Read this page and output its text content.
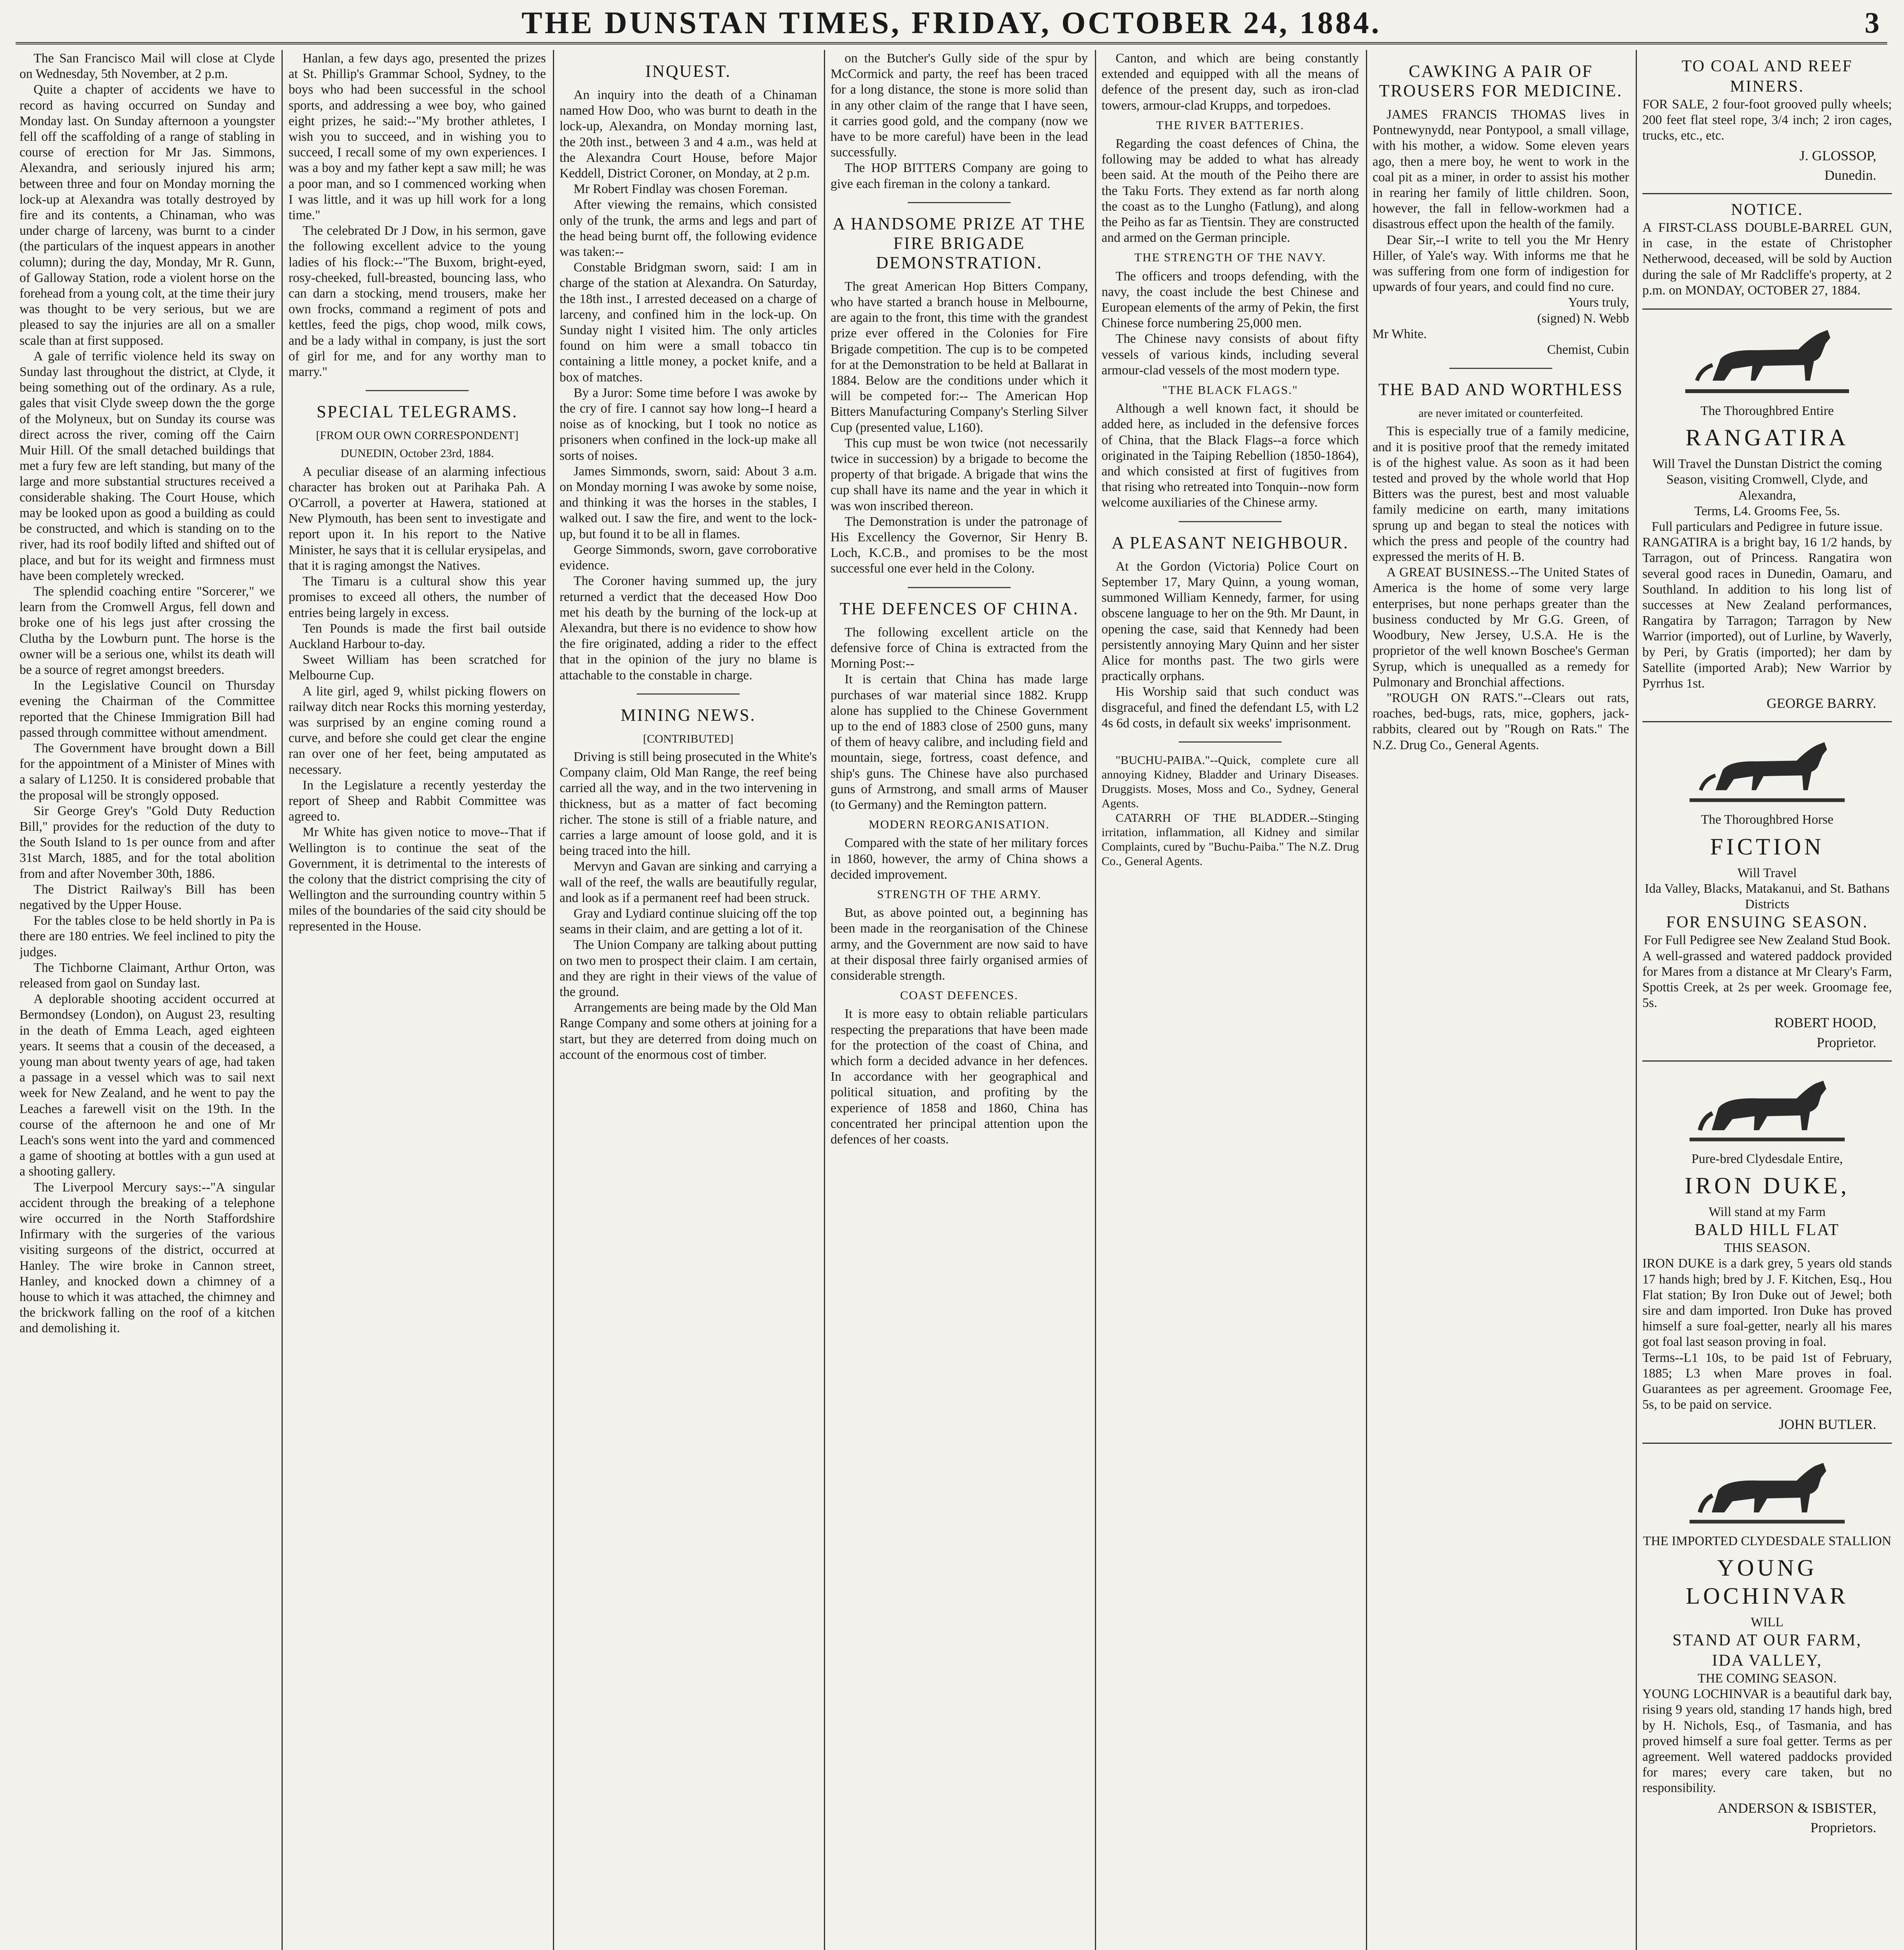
THE DUNSTAN TIMES, FRIDAY, OCTOBER 24, 1884.	3

The San Francisco Mail will close at Clyde on Wednesday, 5th November, at 2 p.m.

Quite a chapter of accidents we have to record as having occurred on Sunday and Monday last. On Sunday afternoon a youngster fell off the scaffolding of a range of stabling in course of erection for Mr Jas. Simmons, Alexandra, and seriously injured his arm; between three and four on Monday morning the lock-up at Alexandra was totally destroyed by fire and its contents, a Chinaman, who was under charge of larceny, was burnt to a cinder (the particulars of the inquest appears in another column); during the day, Monday, Mr R. Gunn, of Galloway Station, rode a violent horse on the forehead from a young colt, at the time their jury was thought to be very serious, but we are pleased to say the injuries are all on a smaller scale than at first supposed.

A gale of terrific violence held its sway on Sunday last throughout the district, at Clyde, it being something out of the ordinary. As a rule, gales that visit Clyde sweep down the the gorge of the Molyneux, but on Sunday its course was direct across the river, coming off the Cairn Muir Hill. Of the small detached buildings that met a fury few are left standing, but many of the large and more substantial structures received a considerable shaking. The Court House, which may be looked upon as good a building as could be constructed, and which is standing on to the river, had its roof bodily lifted and shifted out of place, and but for its weight and firmness must have been completely wrecked.

The splendid coaching entire "Sorcerer," we learn from the Cromwell Argus, fell down and broke one of his legs just after crossing the Clutha by the Lowburn punt. The horse is the owner will be a serious one, whilst its death will be a source of regret amongst breeders.

In the Legislative Council on Thursday evening the Chairman of the Committee reported that the Chinese Immigration Bill had passed through committee without amendment.

The Government have brought down a Bill for the appointment of a Minister of Mines with a salary of L1250. It is considered probable that the proposal will be strongly opposed.

Sir George Grey's "Gold Duty Reduction Bill," provides for the reduction of the duty to the South Island to 1s per ounce from and after 31st March, 1885, and for the total abolition from and after November 30th, 1886.

The District Railway's Bill has been negatived by the Upper House.

For the tables close to be held shortly in Pa is there are 180 entries. We feel inclined to pity the judges.

The Tichborne Claimant, Arthur Orton, was released from gaol on Sunday last.

A deplorable shooting accident occurred at Bermondsey (London), on August 23, resulting in the death of Emma Leach, aged eighteen years. It seems that a cousin of the deceased, a young man about twenty years of age, had taken a passage in a vessel which was to sail next week for New Zealand, and he went to pay the Leaches a farewell visit on the 19th. In the course of the afternoon he and one of Mr Leach's sons went into the yard and commenced a game of shooting at bottles with a gun used at a shooting gallery.

The Liverpool Mercury says:--"A singular accident through the breaking of a telephone wire occurred in the North Staffordshire Infirmary with the surgeries of the various visiting surgeons of the district, occurred at Hanley. The wire broke in Cannon street, Hanley, and knocked down a chimney of a house to which it was attached, the chimney and the brickwork falling on the roof of a kitchen and demolishing it.

Hanlan, a few days ago, presented the prizes at St. Phillip's Grammar School, Sydney, to the boys who had been successful in the school sports, and addressing a wee boy, who gained eight prizes, he said:--"My brother athletes, I wish you to succeed, and in wishing you to succeed, I recall some of my own experiences. I was a boy and my father kept a saw mill; he was a poor man, and so I commenced working when I was little, and it was up hill work for a long time."

The celebrated Dr J Dow, in his sermon, gave the following excellent advice to the young ladies of his flock:--"The Buxom, bright-eyed, rosy-cheeked, full-breasted, bouncing lass, who can darn a stocking, mend trousers, make her own frocks, command a regiment of pots and kettles, feed the pigs, chop wood, milk cows, and be a lady withal in company, is just the sort of girl for me, and for any worthy man to marry."

SPECIAL TELEGRAMS.

[FROM OUR OWN CORRESPONDENT]

DUNEDIN, October 23rd, 1884.

A peculiar disease of an alarming infectious character has broken out at Parihaka Pah. A O'Carroll, a poverter at Hawera, stationed at New Plymouth, has been sent to investigate and report upon it. In his report to the Native Minister, he says that it is cellular erysipelas, and that it is raging amongst the Natives.

The Timaru is a cultural show this year promises to exceed all others, the number of entries being largely in excess.

Ten Pounds is made the first bail outside Auckland Harbour to-day.

Sweet William has been scratched for Melbourne Cup.

A lite girl, aged 9, whilst picking flowers on railway ditch near Rocks this morning yesterday, was surprised by an engine coming round a curve, and before she could get clear the engine ran over one of her feet, being amputated as necessary.

In the Legislature a recently yesterday the report of Sheep and Rabbit Committee was agreed to.

Mr White has given notice to move--That if Wellington is to continue the seat of the Government, it is detrimental to the interests of the colony that the district comprising the city of Wellington and the surrounding country within 5 miles of the boundaries of the said city should be represented in the House.

INQUEST.

An inquiry into the death of a Chinaman named How Doo, who was burnt to death in the lock-up, Alexandra, on Monday morning last, the 20th inst., between 3 and 4 a.m., was held at the Alexandra Court House, before Major Keddell, District Coroner, on Monday, at 2 p.m.

Mr Robert Findlay was chosen Foreman.

After viewing the remains, which consisted only of the trunk, the arms and legs and part of the head being burnt off, the following evidence was taken:--

Constable Bridgman sworn, said: I am in charge of the station at Alexandra. On Saturday, the 18th inst., I arrested deceased on a charge of larceny, and confined him in the lock-up. On Sunday night I visited him. The only articles found on him were a small tobacco tin containing a little money, a pocket knife, and a box of matches.

By a Juror: Some time before I was awoke by the cry of fire. I cannot say how long--I heard a noise as of knocking, but I took no notice as prisoners when confined in the lock-up make all sorts of noises.

James Simmonds, sworn, said: About 3 a.m. on Monday morning I was awoke by some noise, and thinking it was the horses in the stables, I walked out. I saw the fire, and went to the lock-up, but found it to be all in flames.

George Simmonds, sworn, gave corroborative evidence.

The Coroner having summed up, the jury returned a verdict that the deceased How Doo met his death by the burning of the lock-up at Alexandra, but there is no evidence to show how the fire originated, adding a rider to the effect that in the opinion of the jury no blame is attachable to the constable in charge.

MINING NEWS.

[CONTRIBUTED]

Driving is still being prosecuted in the White's Company claim, Old Man Range, the reef being carried all the way, and in the two intervening in thickness, but as a matter of fact becoming richer. The stone is still of a friable nature, and carries a large amount of loose gold, and it is being traced into the hill.

Mervyn and Gavan are sinking and carrying a wall of the reef, the walls are beautifully regular, and look as if a permanent reef had been struck.

Gray and Lydiard continue sluicing off the top seams in their claim, and are getting a lot of it.

The Union Company are talking about putting on two men to prospect their claim. I am certain, and they are right in their views of the value of the ground.

Arrangements are being made by the Old Man Range Company and some others at joining for a start, but they are deterred from doing much on account of the enormous cost of timber.

on the Butcher's Gully side of the spur by McCormick and party, the reef has been traced for a long distance, the stone is more solid than in any other claim of the range that I have seen, it carries good gold, and the company (now we have to be more careful) have been in the lead successfully.

The HOP BITTERS Company are going to give each fireman in the colony a tankard.

A HANDSOME PRIZE AT THE FIRE BRIGADE DEMONSTRATION.

The great American Hop Bitters Company, who have started a branch house in Melbourne, are again to the front, this time with the grandest prize ever offered in the Colonies for Fire Brigade competition. The cup is to be competed for at the Demonstration to be held at Ballarat in 1884. Below are the conditions under which it will be competed for:-- The American Hop Bitters Manufacturing Company's Sterling Silver Cup (presented value, L160).

This cup must be won twice (not necessarily twice in succession) by a brigade to become the property of that brigade. A brigade that wins the cup shall have its name and the year in which it was won inscribed thereon.

The Demonstration is under the patronage of His Excellency the Governor, Sir Henry B. Loch, K.C.B., and promises to be the most successful one ever held in the Colony.

THE DEFENCES OF CHINA.

The following excellent article on the defensive force of China is extracted from the Morning Post:--

It is certain that China has made large purchases of war material since 1882. Krupp alone has supplied to the Chinese Government up to the end of 1883 close of 2500 guns, many of them of heavy calibre, and including field and mountain, siege, fortress, coast defence, and ship's guns. The Chinese have also purchased guns of Armstrong, and small arms of Mauser (to Germany) and the Remington pattern.

MODERN REORGANISATION.

Compared with the state of her military forces in 1860, however, the army of China shows a decided improvement.

STRENGTH OF THE ARMY.

But, as above pointed out, a beginning has been made in the reorganisation of the Chinese army, and the Government are now said to have at their disposal three fairly organised armies of considerable strength.

COAST DEFENCES.

It is more easy to obtain reliable particulars respecting the preparations that have been made for the protection of the coast of China, and which form a decided advance in her defences. In accordance with her geographical and political situation, and profiting by the experience of 1858 and 1860, China has concentrated her principal attention upon the defences of her coasts.

Canton, and which are being constantly extended and equipped with all the means of defence of the present day, such as iron-clad towers, armour-clad Krupps, and torpedoes.

THE RIVER BATTERIES.

Regarding the coast defences of China, the following may be added to what has already been said. At the mouth of the Peiho there are the Taku Forts. They extend as far north along the coast as to the Lungho (Fatlung), and along the Peiho as far as Tientsin. They are constructed and armed on the German principle.

THE STRENGTH OF THE NAVY.

The officers and troops defending, with the navy, the coast include the best Chinese and European elements of the army of Pekin, the first Chinese force numbering 25,000 men.

The Chinese navy consists of about fifty vessels of various kinds, including several armour-clad vessels of the most modern type.

"THE BLACK FLAGS."

Although a well known fact, it should be added here, as included in the defensive forces of China, that the Black Flags--a force which originated in the Taiping Rebellion (1850-1864), and which consisted at first of fugitives from that rising who retreated into Tonquin--now form welcome auxiliaries of the Chinese army.

A PLEASANT NEIGHBOUR.

At the Gordon (Victoria) Police Court on September 17, Mary Quinn, a young woman, summoned William Kennedy, farmer, for using obscene language to her on the 9th. Mr Daunt, in opening the case, said that Kennedy had been persistently annoying Mary Quinn and her sister Alice for months past. The two girls were practically orphans.

His Worship said that such conduct was disgraceful, and fined the defendant L5, with L2 4s 6d costs, in default six weeks' imprisonment.

"BUCHU-PAIBA."--Quick, complete cure all annoying Kidney, Bladder and Urinary Diseases. Druggists. Moses, Moss and Co., Sydney, General Agents.

CATARRH OF THE BLADDER.--Stinging irritation, inflammation, all Kidney and similar Complaints, cured by "Buchu-Paiba." The N.Z. Drug Co., General Agents.

CAWKING A PAIR OF TROUSERS FOR MEDICINE.

JAMES FRANCIS THOMAS lives in Pontnewynydd, near Pontypool, a small village, with his mother, a widow. Some eleven years ago, then a mere boy, he went to work in the coal pit as a miner, in order to assist his mother in rearing her family of little children. Soon, however, the fall in fellow-workmen had a disastrous effect upon the health of the family.

Dear Sir,--I write to tell you the Mr Henry Hiller, of Yale's way. With informs me that he was suffering from one form of indigestion for upwards of four years, and could find no cure.

Yours truly,

(signed) N. Webb

Mr White.

Chemist, Cubin

THE BAD AND WORTHLESS

are never imitated or counterfeited.

This is especially true of a family medicine, and it is positive proof that the remedy imitated is of the highest value. As soon as it had been tested and proved by the whole world that Hop Bitters was the purest, best and most valuable family medicine on earth, many imitations sprung up and began to steal the notices with which the press and people of the country had expressed the merits of H. B.

A GREAT BUSINESS.--The United States of America is the home of some very large enterprises, but none perhaps greater than the business conducted by Mr G.G. Green, of Woodbury, New Jersey, U.S.A. He is the proprietor of the well known Boschee's German Syrup, which is unequalled as a remedy for Pulmonary and Bronchial affections.

"ROUGH ON RATS."--Clears out rats, roaches, bed-bugs, rats, mice, gophers, jack-rabbits, cleared out by "Rough on Rats." The N.Z. Drug Co., General Agents.

TO COAL AND REEF MINERS.

FOR SALE, 2 four-foot grooved pully wheels; 200 feet flat steel rope, 3/4 inch; 2 iron cages, trucks, etc., etc.

J. GLOSSOP,

Dunedin.

NOTICE.

A FIRST-CLASS DOUBLE-BARREL GUN, in case, in the estate of Christopher Netherwood, deceased, will be sold by Auction during the sale of Mr Radcliffe's property, at 2 p.m. on MONDAY, OCTOBER 27, 1884.

The Thoroughbred Entire

RANGATIRA

Will Travel the Dunstan District the coming Season, visiting Cromwell, Clyde, and Alexandra,

Terms, L4. Grooms Fee, 5s.

Full particulars and Pedigree in future issue.

RANGATIRA is a bright bay, 16 1/2 hands, by Tarragon, out of Princess. Rangatira won several good races in Dunedin, Oamaru, and Southland. In addition to his long list of successes at New Zealand performances, Rangatira by Tarragon; Tarragon by New Warrior (imported), out of Lurline, by Waverly, by Peri, by Gratis (imported); her dam by Satellite (imported Arab); New Warrior by Pyrrhus 1st.

GEORGE BARRY.

The Thoroughbred Horse

FICTION

Will Travel

Ida Valley, Blacks, Matakanui, and St. Bathans Districts

FOR ENSUING SEASON.

For Full Pedigree see New Zealand Stud Book.

A well-grassed and watered paddock provided for Mares from a distance at Mr Cleary's Farm, Spottis Creek, at 2s per week. Groomage fee, 5s.

ROBERT HOOD,

Proprietor.

Pure-bred Clydesdale Entire,

IRON DUKE,

Will stand at my Farm

BALD HILL FLAT

THIS SEASON.

IRON DUKE is a dark grey, 5 years old stands 17 hands high; bred by J. F. Kitchen, Esq., Hou Flat station; By Iron Duke out of Jewel; both sire and dam imported. Iron Duke has proved himself a sure foal-getter, nearly all his mares got foal last season proving in foal.

Terms--L1 10s, to be paid 1st of February, 1885; L3 when Mare proves in foal. Guarantees as per agreement. Groomage Fee, 5s, to be paid on service.

JOHN BUTLER.

THE IMPORTED CLYDESDALE STALLION

YOUNG LOCHINVAR

WILL

STAND AT OUR FARM,

IDA VALLEY,

THE COMING SEASON.

YOUNG LOCHINVAR is a beautiful dark bay, rising 9 years old, standing 17 hands high, bred by H. Nichols, Esq., of Tasmania, and has proved himself a sure foal getter. Terms as per agreement. Well watered paddocks provided for mares; every care taken, but no responsibility.

ANDERSON & ISBISTER,

Proprietors.
